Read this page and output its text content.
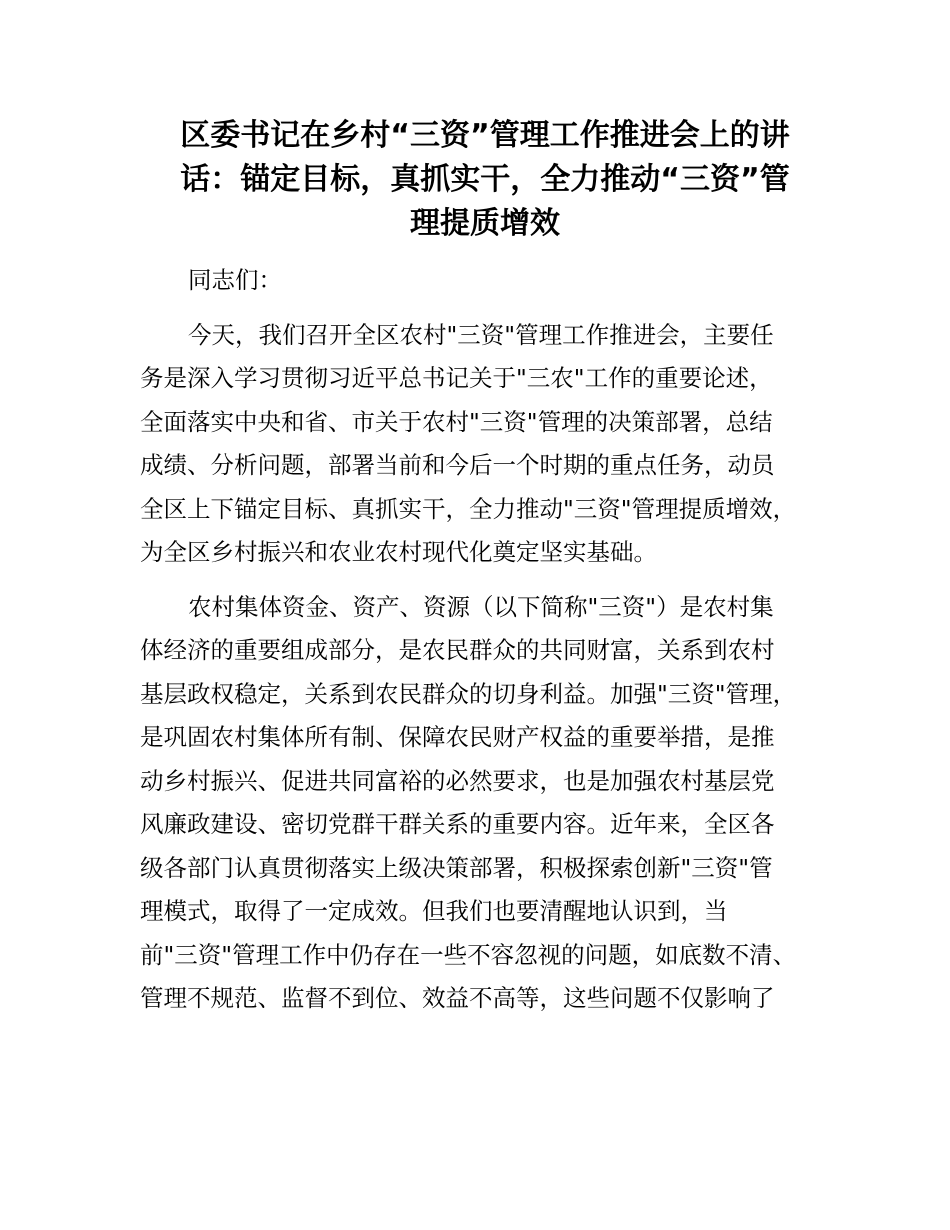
区委书记在乡村“三资”管理工作推进会上的讲
话：锚定目标，真抓实干，全力推动“三资”管
理提质增效

同志们：

今天，我们召开全区农村"三资"管理工作推进会，主要任
务是深入学习贯彻习近平总书记关于"三农"工作的重要论述，
全面落实中央和省、市关于农村"三资"管理的决策部署，总结
成绩、分析问题，部署当前和今后一个时期的重点任务，动员
全区上下锚定目标、真抓实干，全力推动"三资"管理提质增效，
为全区乡村振兴和农业农村现代化奠定坚实基础。

农村集体资金、资产、资源（以下简称"三资"）是农村集
体经济的重要组成部分，是农民群众的共同财富，关系到农村
基层政权稳定，关系到农民群众的切身利益。加强"三资"管理，
是巩固农村集体所有制、保障农民财产权益的重要举措，是推
动乡村振兴、促进共同富裕的必然要求，也是加强农村基层党
风廉政建设、密切党群干群关系的重要内容。近年来，全区各
级各部门认真贯彻落实上级决策部署，积极探索创新"三资"管
理模式，取得了一定成效。但我们也要清醒地认识到，当
前"三资"管理工作中仍存在一些不容忽视的问题，如底数不清、
管理不规范、监督不到位、效益不高等，这些问题不仅影响了
